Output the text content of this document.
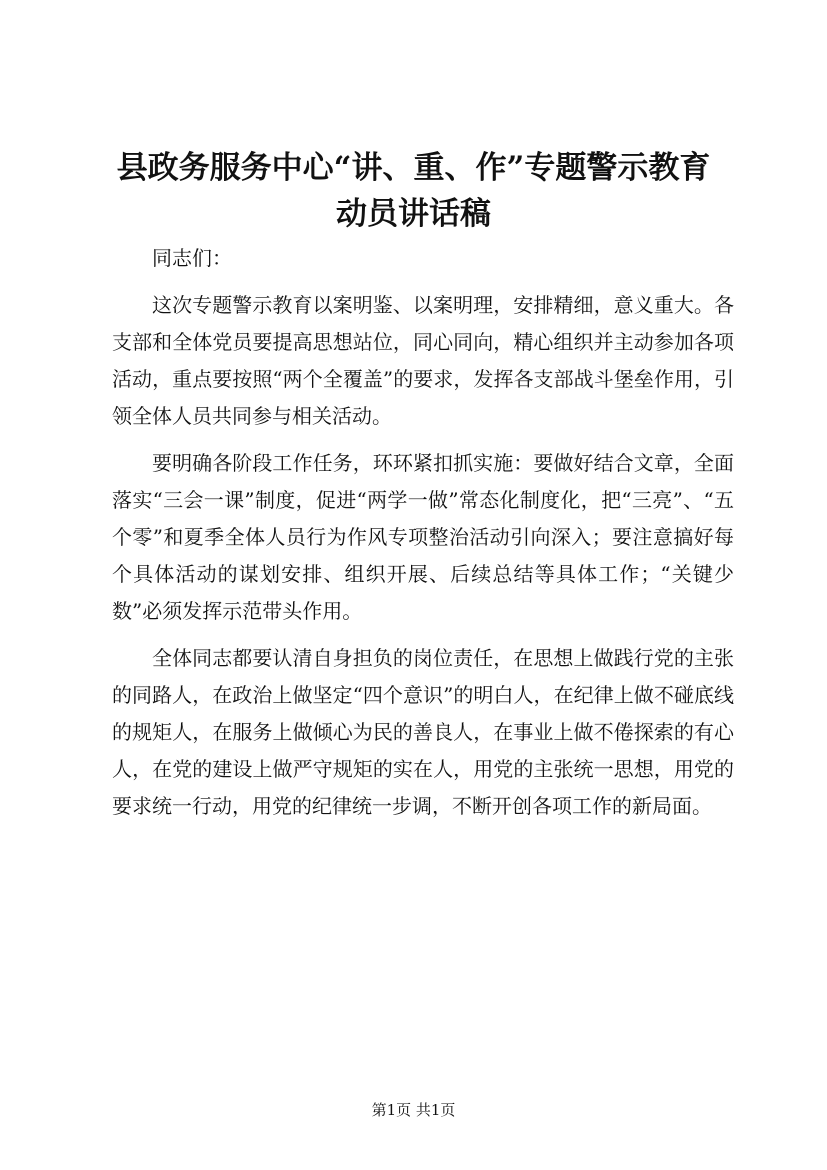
县政务服务中心“讲、重、作”专题警示教育
动员讲话稿

同志们：

这次专题警示教育以案明鉴、以案明理，安排精细，意义重大。各支部和全体党员要提高思想站位，同心同向，精心组织并主动参加各项活动，重点要按照“两个全覆盖”的要求，发挥各支部战斗堡垒作用，引领全体人员共同参与相关活动。

要明确各阶段工作任务，环环紧扣抓实施：要做好结合文章，全面落实“三会一课”制度，促进“两学一做”常态化制度化，把“三亮”、“五个零”和夏季全体人员行为作风专项整治活动引向深入；要注意搞好每个具体活动的谋划安排、组织开展、后续总结等具体工作；“关键少数”必须发挥示范带头作用。

全体同志都要认清自身担负的岗位责任，在思想上做践行党的主张的同路人，在政治上做坚定“四个意识”的明白人，在纪律上做不碰底线的规矩人，在服务上做倾心为民的善良人，在事业上做不倦探索的有心人，在党的建设上做严守规矩的实在人，用党的主张统一思想，用党的要求统一行动，用党的纪律统一步调，不断开创各项工作的新局面。

第1页 共1页
